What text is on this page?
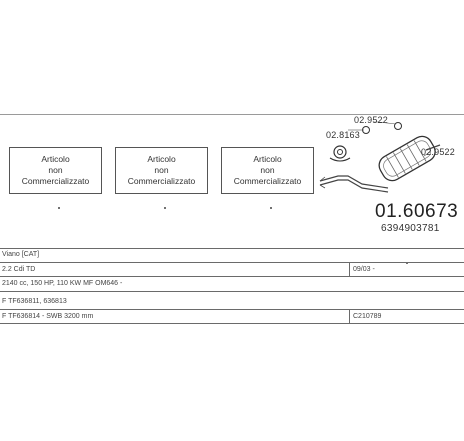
Articolo
non
Commercializzato
Articolo
non
Commercializzato
Articolo
non
Commercializzato
02.9522
02.8163
02.9522
01.60673
6394903781
Viano [CAT]
2.2 Cdi TD	09/03 -
2140 cc, 150 HP, 110 KW MF OM646 -
F TF636811, 636813
F TF636814 - SWB 3200 mm	C210789
